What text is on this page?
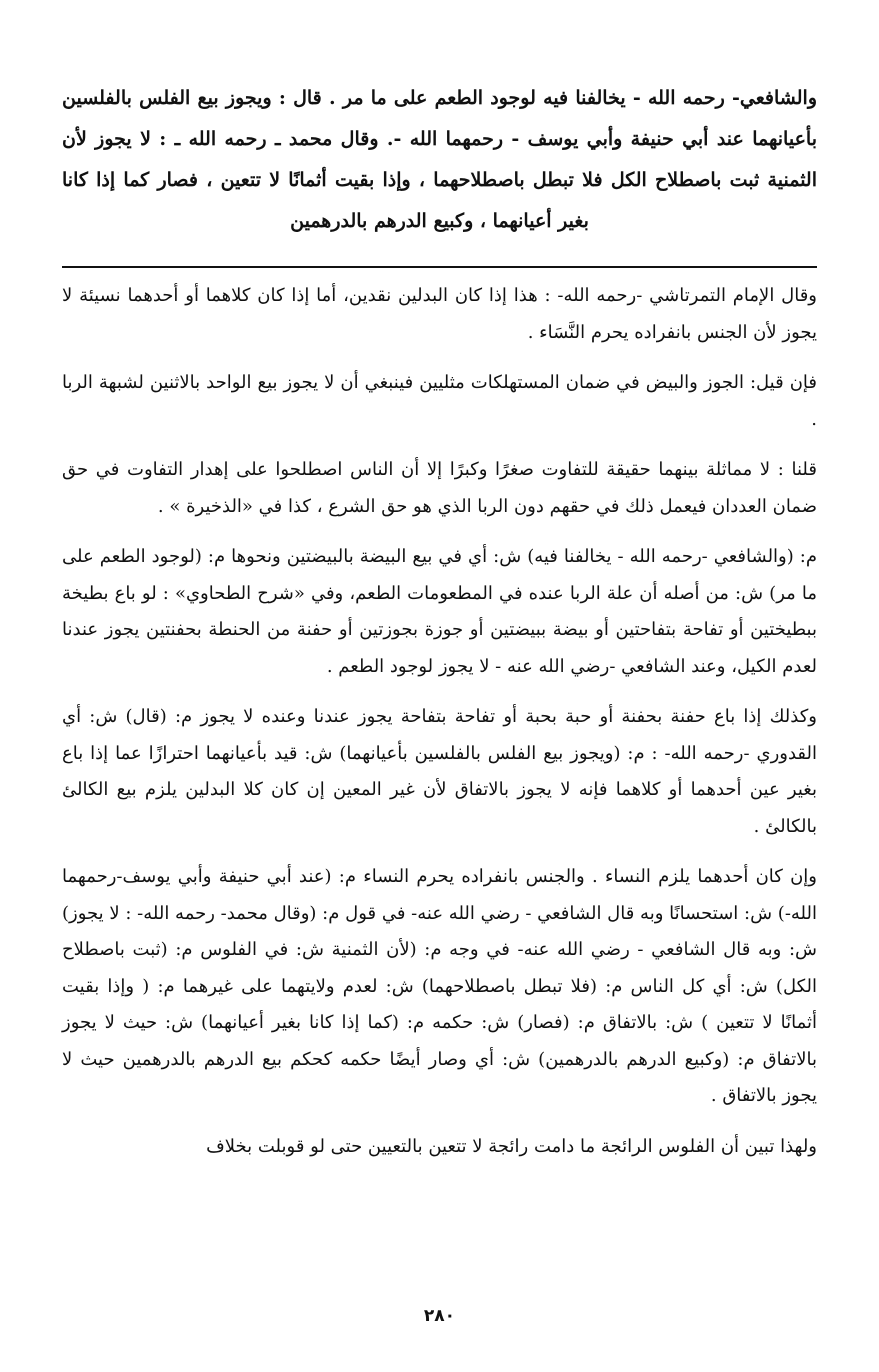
والشافعي- رحمه الله - يخالفنا فيه لوجود الطعم على ما مر . قال : ويجوز بيع الفلس بالفلسين بأعيانهما عند أبي حنيفة وأبي يوسف - رحمهما الله -. وقال محمد ـ رحمه الله ـ : لا يجوز لأن الثمنية ثبت باصطلاح الكل فلا تبطل باصطلاحهما ، وإذا بقيت أثمانًا لا تتعين ، فصار كما إذا كانا بغير أعيانهما ، وكبيع الدرهم بالدرهمين

وقال الإمام التمرتاشي -رحمه الله- : هذا إذا كان البدلين نقدين، أما إذا كان كلاهما أو أحدهما نسيئة لا يجوز لأن الجنس بانفراده يحرم النَّسَاء .

فإن قيل: الجوز والبيض في ضمان المستهلكات مثليين فينبغي أن لا يجوز بيع الواحد بالاثنين لشبهة الربا .

قلنا : لا مماثلة بينهما حقيقة للتفاوت صغرًا وكبرًا إلا أن الناس اصطلحوا على إهدار التفاوت في حق ضمان العددان فيعمل ذلك في حقهم دون الربا الذي هو حق الشرع ، كذا في «الذخيرة » .

م: (والشافعي -رحمه الله - يخالفنا فيه) ش: أي في بيع البيضة بالبيضتين ونحوها م: (لوجود الطعم على ما مر) ش: من أصله أن علة الربا عنده في المطعومات الطعم، وفي «شرح الطحاوي» : لو باع بطيخة ببطيختين أو تفاحة بتفاحتين أو بيضة ببيضتين أو جوزة بجوزتين أو حفنة من الحنطة بحفنتين يجوز عندنا لعدم الكيل، وعند الشافعي -رضي الله عنه - لا يجوز لوجود الطعم .

وكذلك إذا باع حفنة بحفنة أو حبة بحبة أو تفاحة بتفاحة يجوز عندنا وعنده لا يجوز م: (قال) ش: أي القدوري -رحمه الله- : م: (ويجوز بيع الفلس بالفلسين بأعيانهما) ش: قيد بأعيانهما احترازًا عما إذا باع بغير عين أحدهما أو كلاهما فإنه لا يجوز بالاتفاق لأن غير المعين إن كان كلا البدلين يلزم بيع الكالئ بالكالئ .

وإن كان أحدهما يلزم النساء . والجنس بانفراده يحرم النساء م: (عند أبي حنيفة وأبي يوسف-رحمهما الله-) ش: استحسانًا وبه قال الشافعي - رضي الله عنه- في قول م: (وقال محمد- رحمه الله- : لا يجوز) ش: وبه قال الشافعي - رضي الله عنه- في وجه م: (لأن الثمنية ش: في الفلوس م: (ثبت باصطلاح الكل) ش: أي كل الناس م: (فلا تبطل باصطلاحهما) ش: لعدم ولايتهما على غيرهما م: ( وإذا بقيت أثمانًا لا تتعين ) ش: بالاتفاق م: (فصار) ش: حكمه م: (كما إذا كانا بغير أعيانهما) ش: حيث لا يجوز بالاتفاق م: (وكبيع الدرهم بالدرهمين) ش: أي وصار أيضًا حكمه كحكم بيع الدرهم بالدرهمين حيث لا يجوز بالاتفاق .

ولهذا تبين أن الفلوس الرائجة ما دامت رائجة لا تتعين بالتعيين حتى لو قوبلت بخلاف

٢٨٠
